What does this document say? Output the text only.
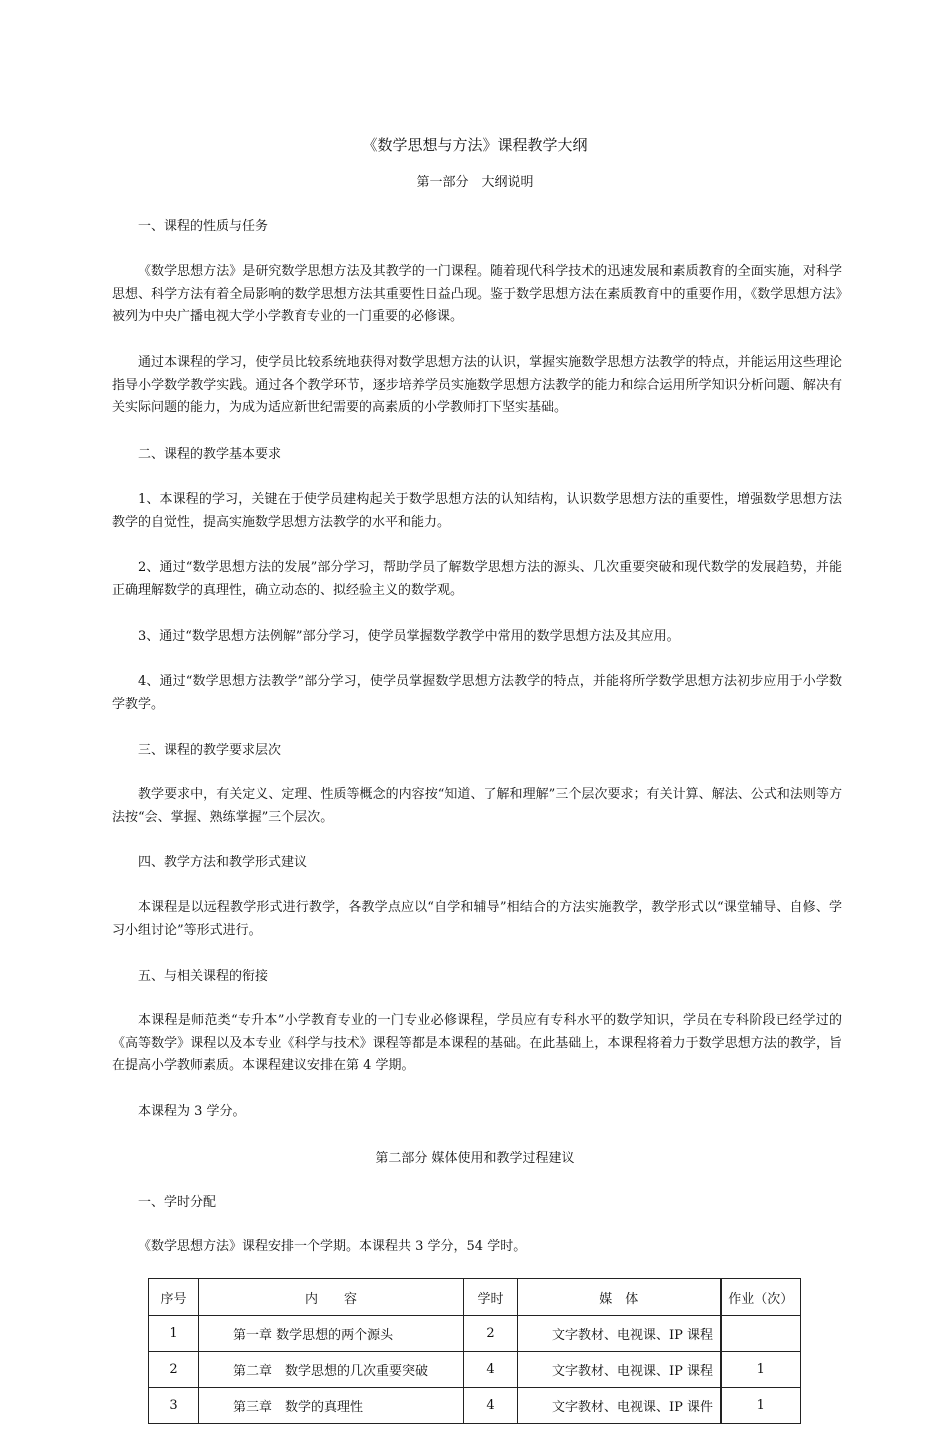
《数学思想与方法》课程教学大纲

第一部分　大纲说明

一、课程的性质与任务

《数学思想方法》是研究数学思想方法及其教学的一门课程。随着现代科学技术的迅速发展和素质教育的全面实施，对科学思想、科学方法有着全局影响的数学思想方法其重要性日益凸现。鉴于数学思想方法在素质教育中的重要作用，《数学思想方法》被列为中央广播电视大学小学教育专业的一门重要的必修课。

通过本课程的学习，使学员比较系统地获得对数学思想方法的认识，掌握实施数学思想方法教学的特点，并能运用这些理论指导小学数学教学实践。通过各个教学环节，逐步培养学员实施数学思想方法教学的能力和综合运用所学知识分析问题、解决有关实际问题的能力，为成为适应新世纪需要的高素质的小学教师打下坚实基础。

二、课程的教学基本要求

1、本课程的学习，关键在于使学员建构起关于数学思想方法的认知结构，认识数学思想方法的重要性，增强数学思想方法教学的自觉性，提高实施数学思想方法教学的水平和能力。

2、通过“数学思想方法的发展”部分学习，帮助学员了解数学思想方法的源头、几次重要突破和现代数学的发展趋势，并能正确理解数学的真理性，确立动态的、拟经验主义的数学观。

3、通过“数学思想方法例解”部分学习，使学员掌握数学教学中常用的数学思想方法及其应用。

4、通过“数学思想方法教学”部分学习，使学员掌握数学思想方法教学的特点，并能将所学数学思想方法初步应用于小学数学教学。

三、课程的教学要求层次

教学要求中，有关定义、定理、性质等概念的内容按“知道、了解和理解”三个层次要求；有关计算、解法、公式和法则等方法按“会、掌握、熟练掌握”三个层次。

四、教学方法和教学形式建议

本课程是以远程教学形式进行教学，各教学点应以“自学和辅导”相结合的方法实施教学，教学形式以“课堂辅导、自修、学习小组讨论”等形式进行。

五、与相关课程的衔接

本课程是师范类“专升本”小学教育专业的一门专业必修课程，学员应有专科水平的数学知识，学员在专科阶段已经学过的《高等数学》课程以及本专业《科学与技术》课程等都是本课程的基础。在此基础上，本课程将着力于数学思想方法的教学，旨在提高小学教师素质。本课程建议安排在第 4 学期。

本课程为 3 学分。

第二部分 媒体使用和教学过程建议

一、学时分配

《数学思想方法》课程安排一个学期。本课程共 3 学分，54 学时。

序号	内　　容	学时	媒　体	作业（次）
1	第一章 数学思想的两个源头	2	文字教材、电视课、IP 课程	
2	第二章　数学思想的几次重要突破	4	文字教材、电视课、IP 课程	1
3	第三章　数学的真理性	4	文字教材、电视课、IP 课件	1
